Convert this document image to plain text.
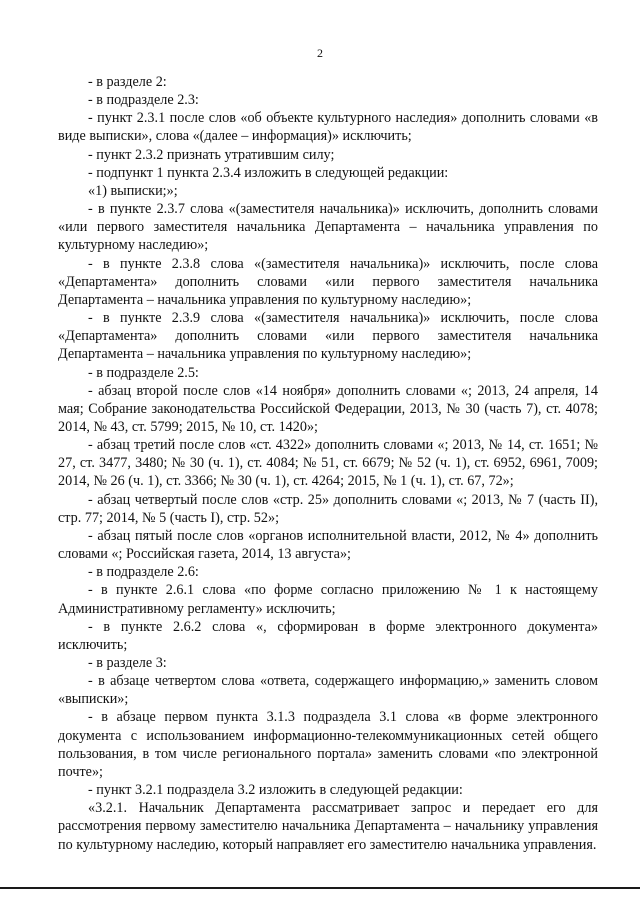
2

- в разделе 2:

- в подразделе 2.3:

- пункт 2.3.1 после слов «об объекте культурного наследия» дополнить словами «в виде выписки», слова «(далее – информация)» исключить;

- пункт 2.3.2 признать утратившим силу;

- подпункт 1 пункта 2.3.4 изложить в следующей редакции:

«1) выписки;»;

- в пункте 2.3.7 слова «(заместителя начальника)» исключить, дополнить словами «или первого заместителя начальника Департамента – начальника управления по культурному наследию»;

- в пункте 2.3.8 слова «(заместителя начальника)» исключить, после слова «Департамента» дополнить словами «или первого заместителя начальника Департамента – начальника управления по культурному наследию»;

- в пункте 2.3.9 слова «(заместителя начальника)» исключить, после слова «Департамента» дополнить словами «или первого заместителя начальника Департамента – начальника управления по культурному наследию»;

- в подразделе 2.5:

- абзац второй после слов «14 ноября» дополнить словами «; 2013, 24 апреля, 14 мая; Собрание законодательства Российской Федерации, 2013, № 30 (часть 7), ст. 4078; 2014, № 43, ст. 5799; 2015, № 10, ст. 1420»;

- абзац третий после слов «ст. 4322» дополнить словами «; 2013, № 14, ст. 1651; № 27, ст. 3477, 3480; № 30 (ч. 1), ст. 4084; № 51, ст. 6679; № 52 (ч. 1), ст. 6952, 6961, 7009; 2014, № 26 (ч. 1), ст. 3366; № 30 (ч. 1), ст. 4264; 2015, № 1 (ч. 1), ст. 67, 72»;

- абзац четвертый после слов «стр. 25» дополнить словами «; 2013, № 7 (часть II), стр. 77; 2014, № 5 (часть I), стр. 52»;

- абзац пятый после слов «органов исполнительной власти, 2012, № 4» дополнить словами «; Российская газета, 2014, 13 августа»;

- в подразделе 2.6:

- в пункте 2.6.1 слова «по форме согласно приложению № 1 к настоящему Административному регламенту» исключить;

- в пункте 2.6.2 слова «, сформирован в форме электронного документа» исключить;

- в разделе 3:

- в абзаце четвертом слова «ответа, содержащего информацию,» заменить словом «выписки»;

- в абзаце первом пункта 3.1.3 подраздела 3.1 слова «в форме электронного документа с использованием информационно-телекоммуникационных сетей общего пользования, в том числе регионального портала» заменить словами «по электронной почте»;

- пункт 3.2.1 подраздела 3.2 изложить в следующей редакции:

«3.2.1. Начальник Департамента рассматривает запрос и передает его для рассмотрения первому заместителю начальника Департамента – начальнику управления по культурному наследию, который направляет его заместителю начальника управления.
